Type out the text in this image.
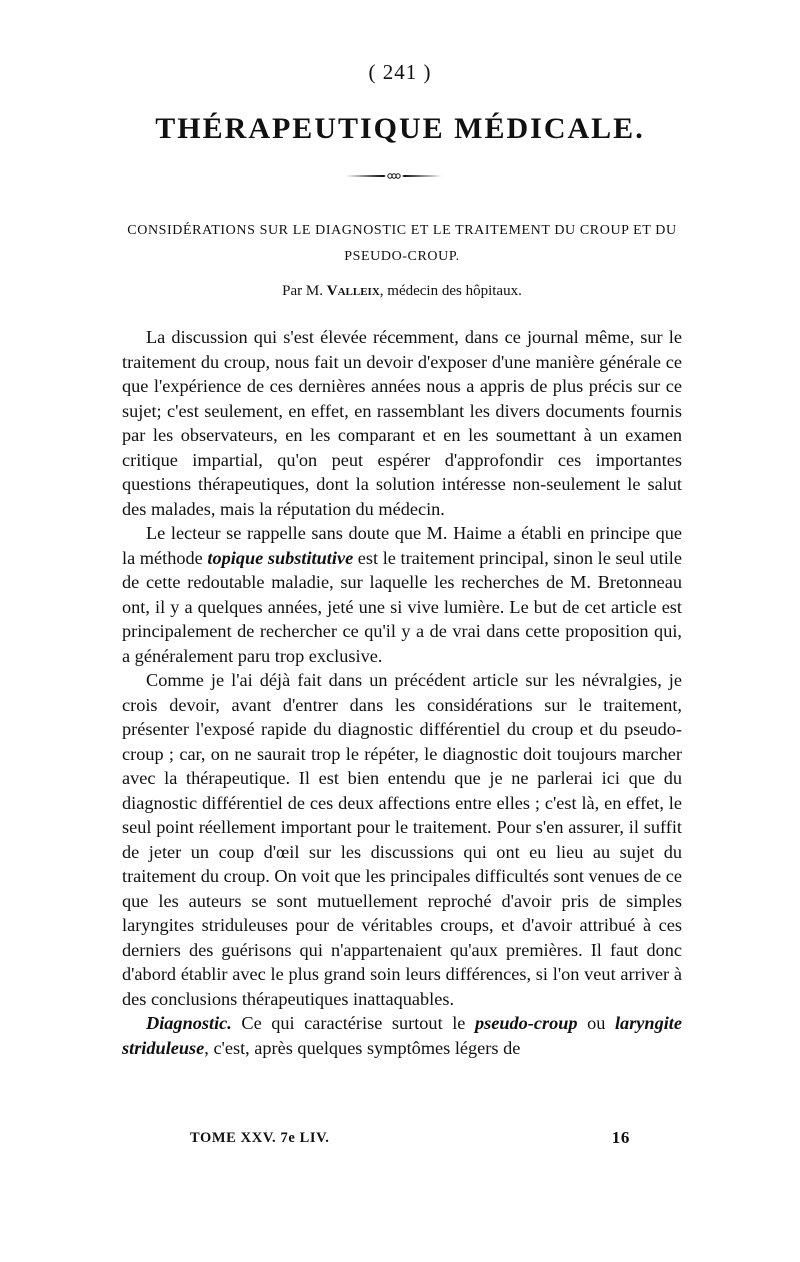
( 241 )
THÉRAPEUTIQUE MÉDICALE.
CONSIDÉRATIONS SUR LE DIAGNOSTIC ET LE TRAITEMENT DU CROUP ET DU PSEUDO-CROUP.
Par M. Valleix, médecin des hôpitaux.

La discussion qui s'est élevée récemment, dans ce journal même, sur le traitement du croup, nous fait un devoir d'exposer d'une manière générale ce que l'expérience de ces dernières années nous a appris de plus précis sur ce sujet; c'est seulement, en effet, en rassemblant les divers documents fournis par les observateurs, en les comparant et en les soumettant à un examen critique impartial, qu'on peut espérer d'approfondir ces importantes questions thérapeutiques, dont la solution intéresse non-seulement le salut des malades, mais la réputation du médecin.

Le lecteur se rappelle sans doute que M. Haime a établi en principe que la méthode topique substitutive est le traitement principal, sinon le seul utile de cette redoutable maladie, sur laquelle les recherches de M. Bretonneau ont, il y a quelques années, jeté une si vive lumière. Le but de cet article est principalement de rechercher ce qu'il y a de vrai dans cette proposition qui, a généralement paru trop exclusive.

Comme je l'ai déjà fait dans un précédent article sur les névralgies, je crois devoir, avant d'entrer dans les considérations sur le traitement, présenter l'exposé rapide du diagnostic différentiel du croup et du pseudo-croup ; car, on ne saurait trop le répéter, le diagnostic doit toujours marcher avec la thérapeutique. Il est bien entendu que je ne parlerai ici que du diagnostic différentiel de ces deux affections entre elles ; c'est là, en effet, le seul point réellement important pour le traitement. Pour s'en assurer, il suffit de jeter un coup d'œil sur les discussions qui ont eu lieu au sujet du traitement du croup. On voit que les principales difficultés sont venues de ce que les auteurs se sont mutuellement reproché d'avoir pris de simples laryngites striduleuses pour de véritables croups, et d'avoir attribué à ces derniers des guérisons qui n'appartenaient qu'aux premières. Il faut donc d'abord établir avec le plus grand soin leurs différences, si l'on veut arriver à des conclusions thérapeutiques inattaquables.

Diagnostic. Ce qui caractérise surtout le pseudo-croup ou laryngite striduleuse, c'est, après quelques symptômes légers de

TOME XXV. 7e LIV.	16
